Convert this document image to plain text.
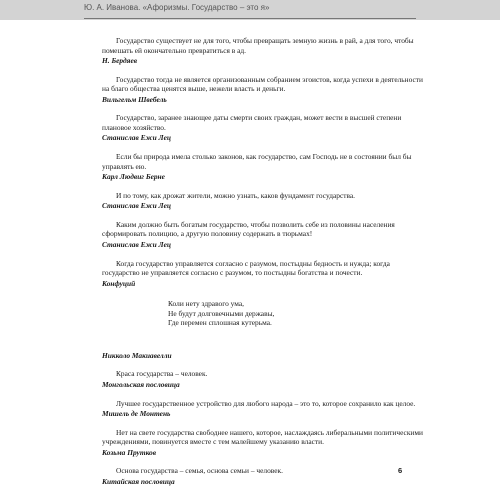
Ю. А. Иванова. «Афоризмы. Государство – это я»

Государство существует не для того, чтобы превращать земную жизнь в рай, а для того, чтобы помешать ей окончательно превратиться в ад.

Н. Бердяев

Государство тогда не является организованным собранием эгоистов, когда успехи в деятельности на благо общества ценятся выше, нежели власть и деньги.

Вильгельм Швебель

Государство, заранее знающее даты смерти своих граждан, может вести в высшей степени плановое хозяйство.

Станислав Ежи Лец

Если бы природа имела столько законов, как государство, сам Господь не в состоянии был бы управлять ею.

Карл Людвиг Берне

И по тому, как дрожат жители, можно узнать, каков фундамент государства.

Станислав Ежи Лец

Каким должно быть богатым государство, чтобы позволить себе из половины населения сформировать полицию, а другую половину содержать в тюрьмах!

Станислав Ежи Лец

Когда государство управляется согласно с разумом, постыдны бедность и нужда; когда государство не управляется согласно с разумом, то постыдны богатства и почести.

Конфуций

Коли нету здравого ума,
Не будут долговечными державы,
Где перемен сплошная кутерьма.

Никколо Макиавелли

Краса государства – человек.

Монгольская пословица

Лучшее государственное устройство для любого народа – это то, которое сохранило как целое.

Мишель де Монтень

Нет на свете государства свободнее нашего, которое, наслаждаясь либеральными политическими учреждениями, повинуется вместе с тем малейшему указанию власти.

Козьма Прутков

Основа государства – семья, основа семьи – человек.

Китайская пословица

6
